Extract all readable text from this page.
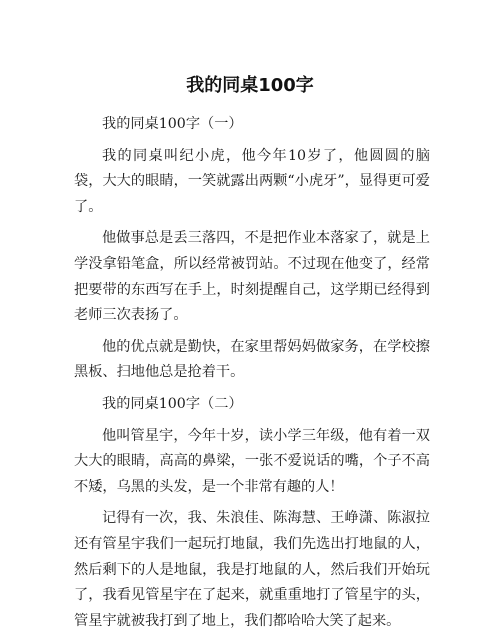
我的同桌100字

我的同桌100字（一）

我的同桌叫纪小虎，他今年10岁了，他圆圆的脑袋，大大的眼睛，一笑就露出两颗“小虎牙”，显得更可爱了。

他做事总是丢三落四，不是把作业本落家了，就是上学没拿铅笔盒，所以经常被罚站。不过现在他变了，经常把要带的东西写在手上，时刻提醒自己，这学期已经得到老师三次表扬了。

他的优点就是勤快，在家里帮妈妈做家务，在学校擦黑板、扫地他总是抢着干。

我的同桌100字（二）

他叫管星宇，今年十岁，读小学三年级，他有着一双大大的眼睛，高高的鼻梁，一张不爱说话的嘴，个子不高不矮，乌黑的头发，是一个非常有趣的人！

记得有一次，我、朱浪佳、陈海慧、王峥潇、陈淑拉还有管星宇我们一起玩打地鼠，我们先选出打地鼠的人，然后剩下的人是地鼠，我是打地鼠的人，然后我们开始玩了，我看见管星宇在了起来，就重重地打了管星宇的头，管星宇就被我打到了地上，我们都哈哈大笑了起来。
